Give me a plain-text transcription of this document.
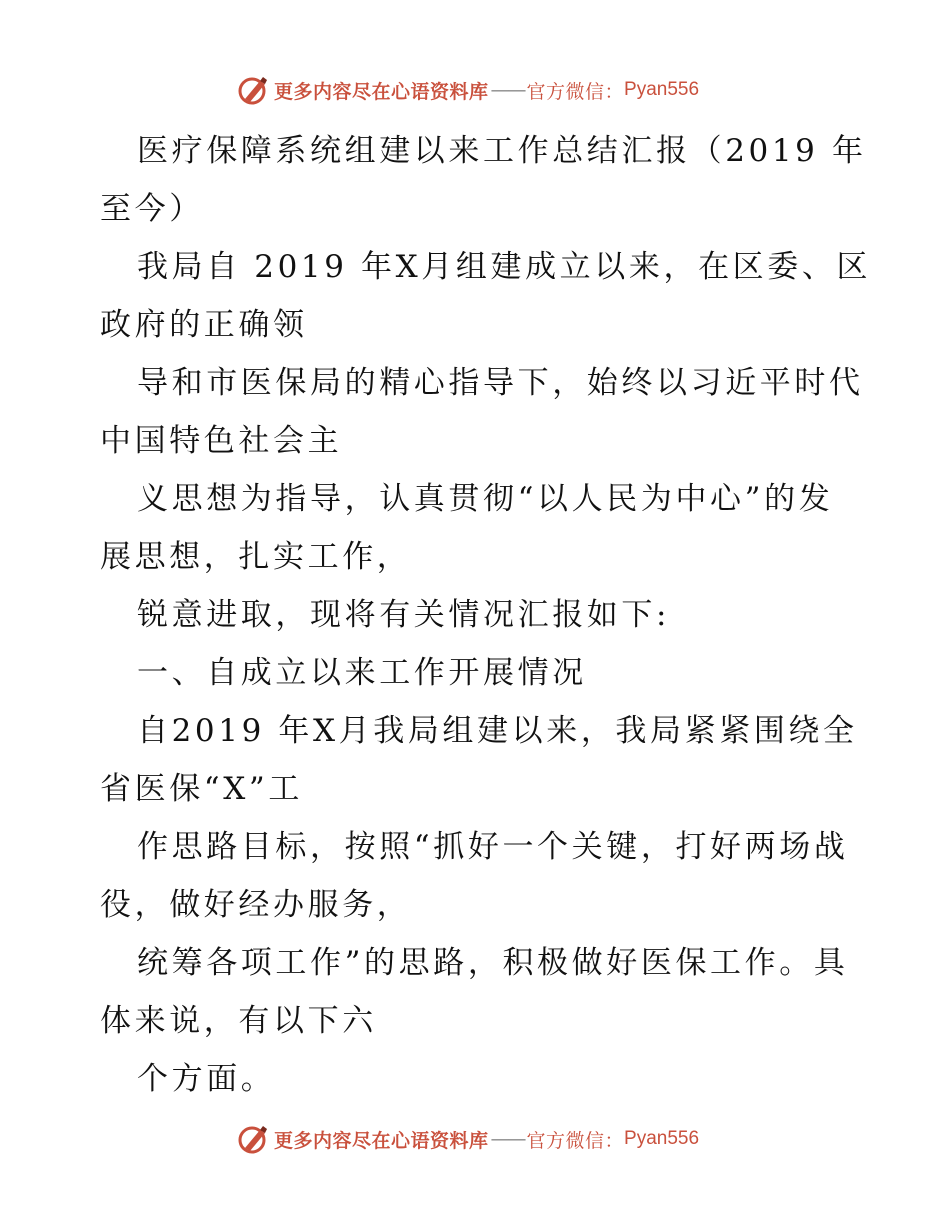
更多内容尽在心语资料库 —— 官方微信： Pyan556

医疗保障系统组建以来工作总结汇报（2019 年

至今）

我局自 2019 年X月组建成立以来，在区委、区

政府的正确领

导和市医保局的精心指导下，始终以习近平时代

中国特色社会主

义思想为指导，认真贯彻“以人民为中心”的发

展思想，扎实工作，

锐意进取，现将有关情况汇报如下:

一、自成立以来工作开展情况

自2019 年X月我局组建以来，我局紧紧围绕全

省医保“X”工

作思路目标，按照“抓好一个关键，打好两场战

役，做好经办服务，

统筹各项工作”的思路，积极做好医保工作。具

体来说，有以下六

个方面。

更多内容尽在心语资料库 —— 官方微信： Pyan556
